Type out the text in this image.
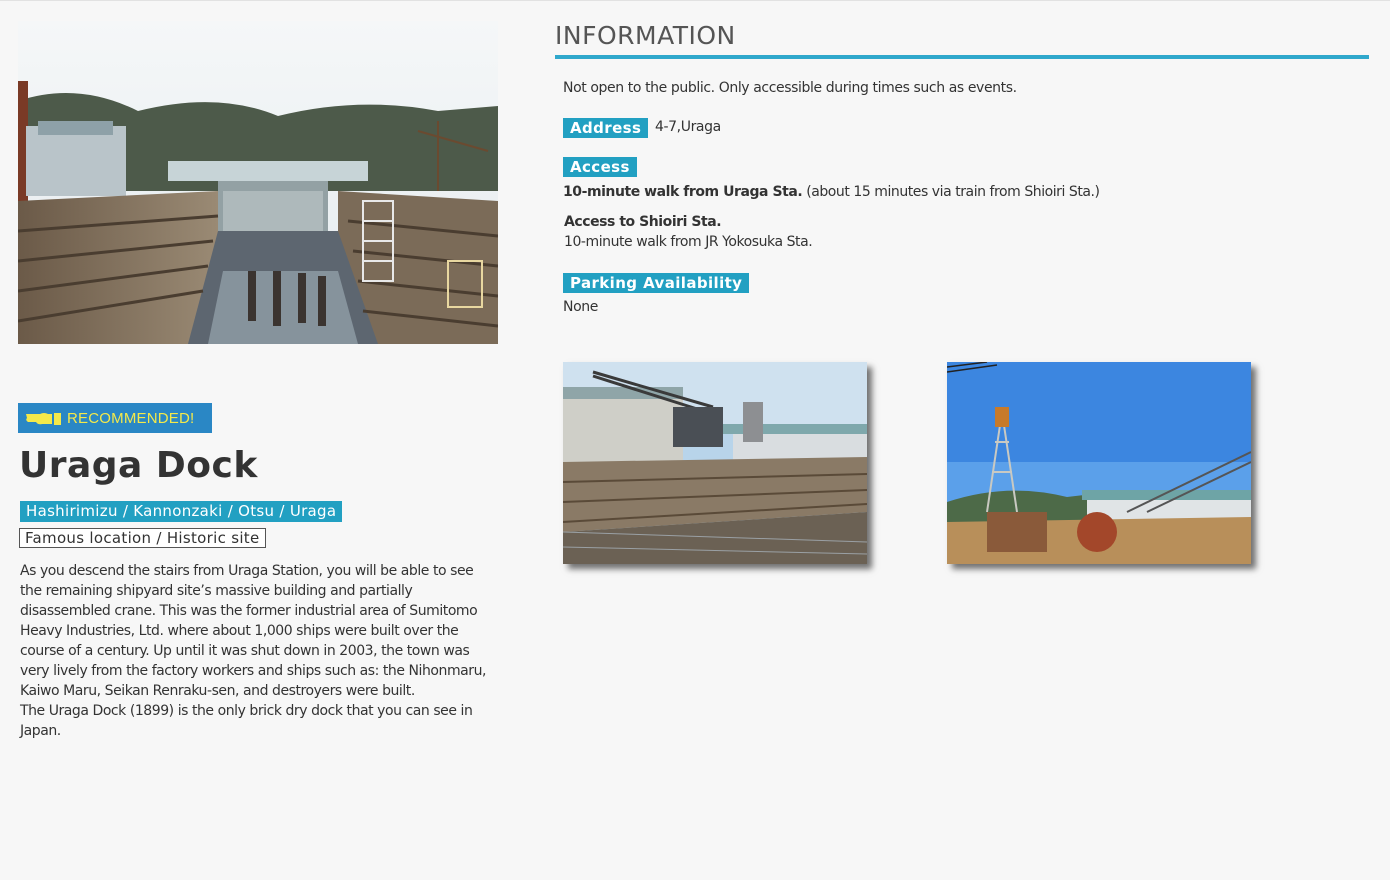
RECOMMENDED!
Uraga Dock
Hashirimizu / Kannonzaki / Otsu / Uraga
Famous location / Historic site

As you descend the stairs from Uraga Station, you will be able to see the remaining shipyard site’s massive building and partially disassembled crane. This was the former industrial area of Sumitomo Heavy Industries, Ltd. where about 1,000 ships were built over the course of a century. Up until it was shut down in 2003, the town was very lively from the factory workers and ships such as: the Nihonmaru, Kaiwo Maru, Seikan Renraku-sen, and destroyers were built.

The Uraga Dock (1899) is the only brick dry dock that you can see in Japan.

INFORMATION
Not open to the public. Only accessible during times such as events.
Address 4-7,Uraga
Access
10-minute walk from Uraga Sta. (about 15 minutes via train from Shioiri Sta.)
Access to Shioiri Sta.
10-minute walk from JR Yokosuka Sta.
Parking Availability
None
